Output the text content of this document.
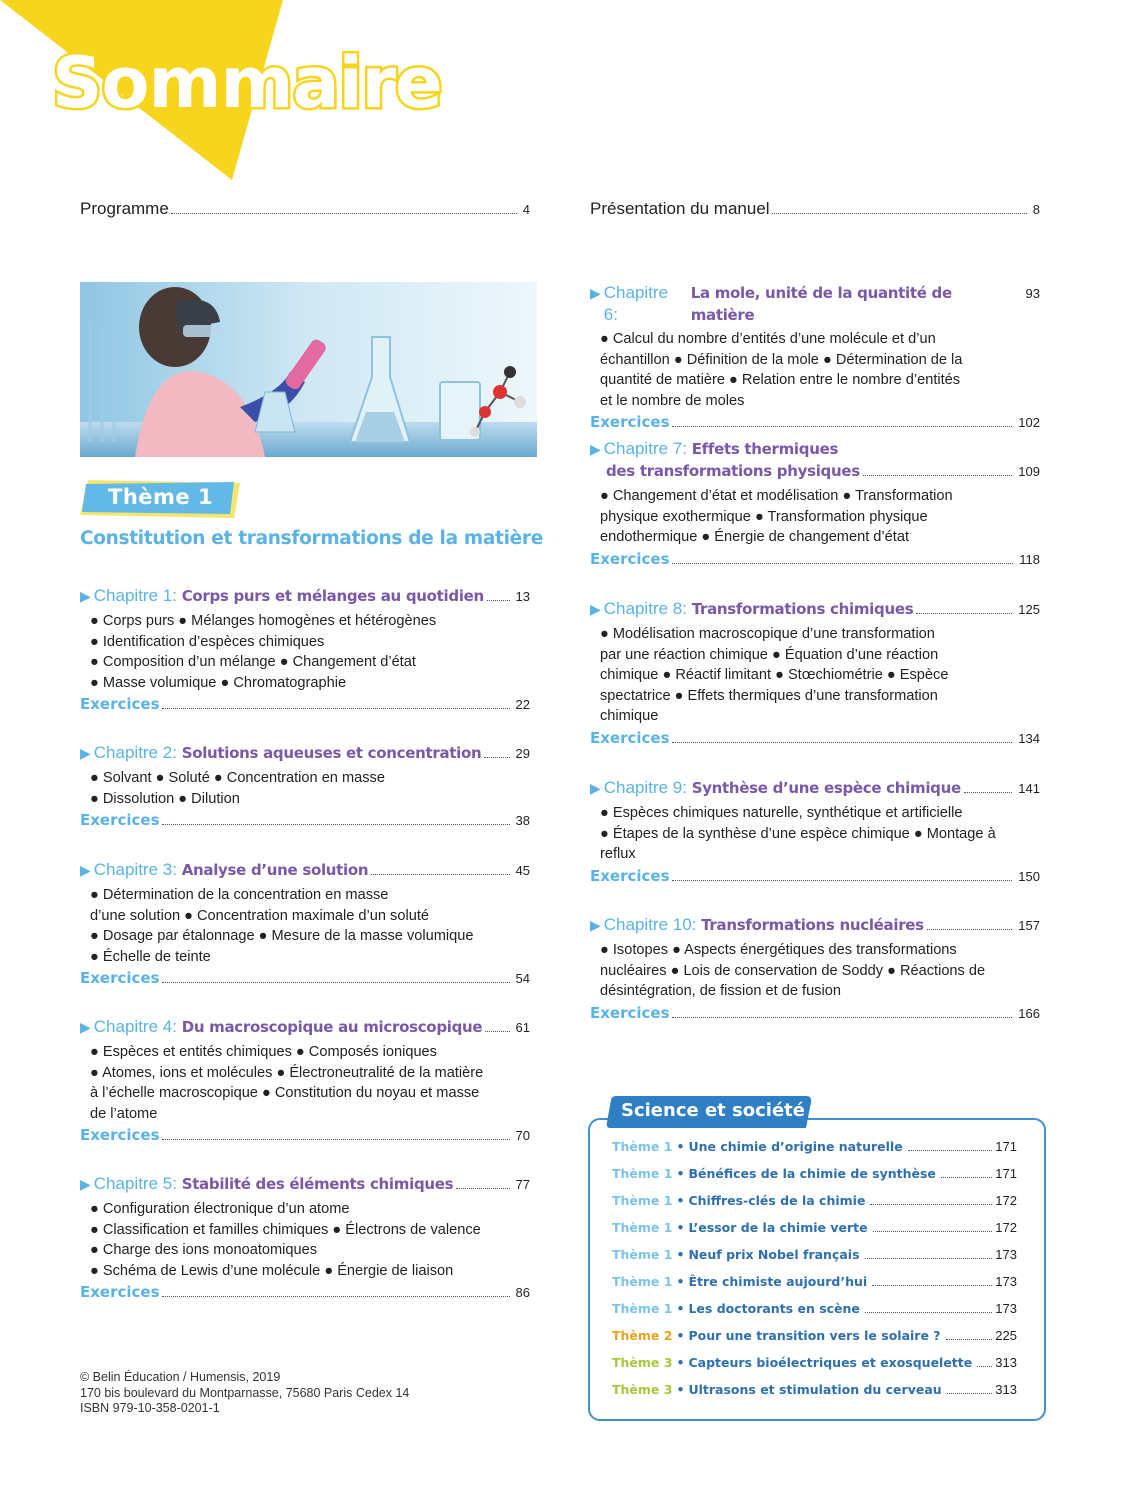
Sommaire
Programme	4	Présentation du manuel	8
Thème 1
Constitution et transformations de la matière
▶ Chapitre 1:
Corps purs et mélanges au quotidien 13
● Corps purs ● Mélanges homogènes et hétérogènes
● Identification d’espèces chimiques
● Composition d’un mélange ● Changement d’état
● Masse volumique ● Chromatographie
Exercices	22
▶ Chapitre 2:
Solutions aqueuses et concentration	29
● Solvant ● Soluté ● Concentration en masse
● Dissolution ● Dilution
Exercices	38
▶ Chapitre 3:
Analyse d’une solution	45
● Détermination de la concentration en masse
d’une solution ● Concentration maximale d’un soluté
● Dosage par étalonnage ● Mesure de la masse volumique
● Échelle de teinte
Exercices	54
▶ Chapitre 4:
Du macroscopique au microscopique	61
● Espèces et entités chimiques ● Composés ioniques
● Atomes, ions et molécules ● Électroneutralité de la matière
à l’échelle macroscopique ● Constitution du noyau et masse
de l’atome
Exercices	70
▶ Chapitre 5:
Stabilité des éléments chimiques	77
● Configuration électronique d’un atome
● Classification et familles chimiques ● Électrons de valence
● Charge des ions monoatomiques
● Schéma de Lewis d’une molécule ● Énergie de liaison
Exercices	86
▶ Chapitre 6:

La mole, unité de la quantité de matière
93
● Calcul du nombre d’entités d’une molécule et d’un
échantillon ● Définition de la mole ● Détermination de la
quantité de matière ● Relation entre le nombre d’entités
et le nombre de moles
Exercices	102
▶ Chapitre 7:
Effets thermiques
des transformations physiques	109
● Changement d’état et modélisation ● Transformation
physique exothermique ● Transformation physique
endothermique ● Énergie de changement d’état
Exercices	118
▶ Chapitre 8:
Transformations chimiques	125
● Modélisation macroscopique d’une transformation
par une réaction chimique ● Équation d’une réaction
chimique ● Réactif limitant ● Stœchiométrie ● Espèce
spectatrice ● Effets thermiques d’une transformation
chimique
Exercices	134
▶ Chapitre 9:
Synthèse d’une espèce chimique	141
● Espèces chimiques naturelle, synthétique et artificielle
● Étapes de la synthèse d’une espèce chimique ● Montage à
reflux
Exercices	150
▶ Chapitre 10:
Transformations nucléaires	157
● Isotopes ● Aspects énergétiques des transformations
nucléaires ● Lois de conservation de Soddy ● Réactions de
désintégration, de fission et de fusion
Exercices	166
Science et société
Thème 1 • Une chimie d’origine naturelle	171
Thème 1 • Bénéfices de la chimie de synthèse	171
Thème 1 • Chiffres-clés de la chimie	172
Thème 1 • L’essor de la chimie verte	172
Thème 1 • Neuf prix Nobel français	173
Thème 1 • Être chimiste aujourd’hui	173
Thème 1 • Les doctorants en scène	173
Thème 2 • Pour une transition vers le solaire ?	225
Thème 3 • Capteurs bioélectriques et exosquelette 313
Thème 3 • Ultrasons et stimulation du cerveau	313
© Belin Éducation / Humensis, 2019
170 bis boulevard du Montparnasse, 75680 Paris Cedex 14
ISBN 979-10-358-0201-1
